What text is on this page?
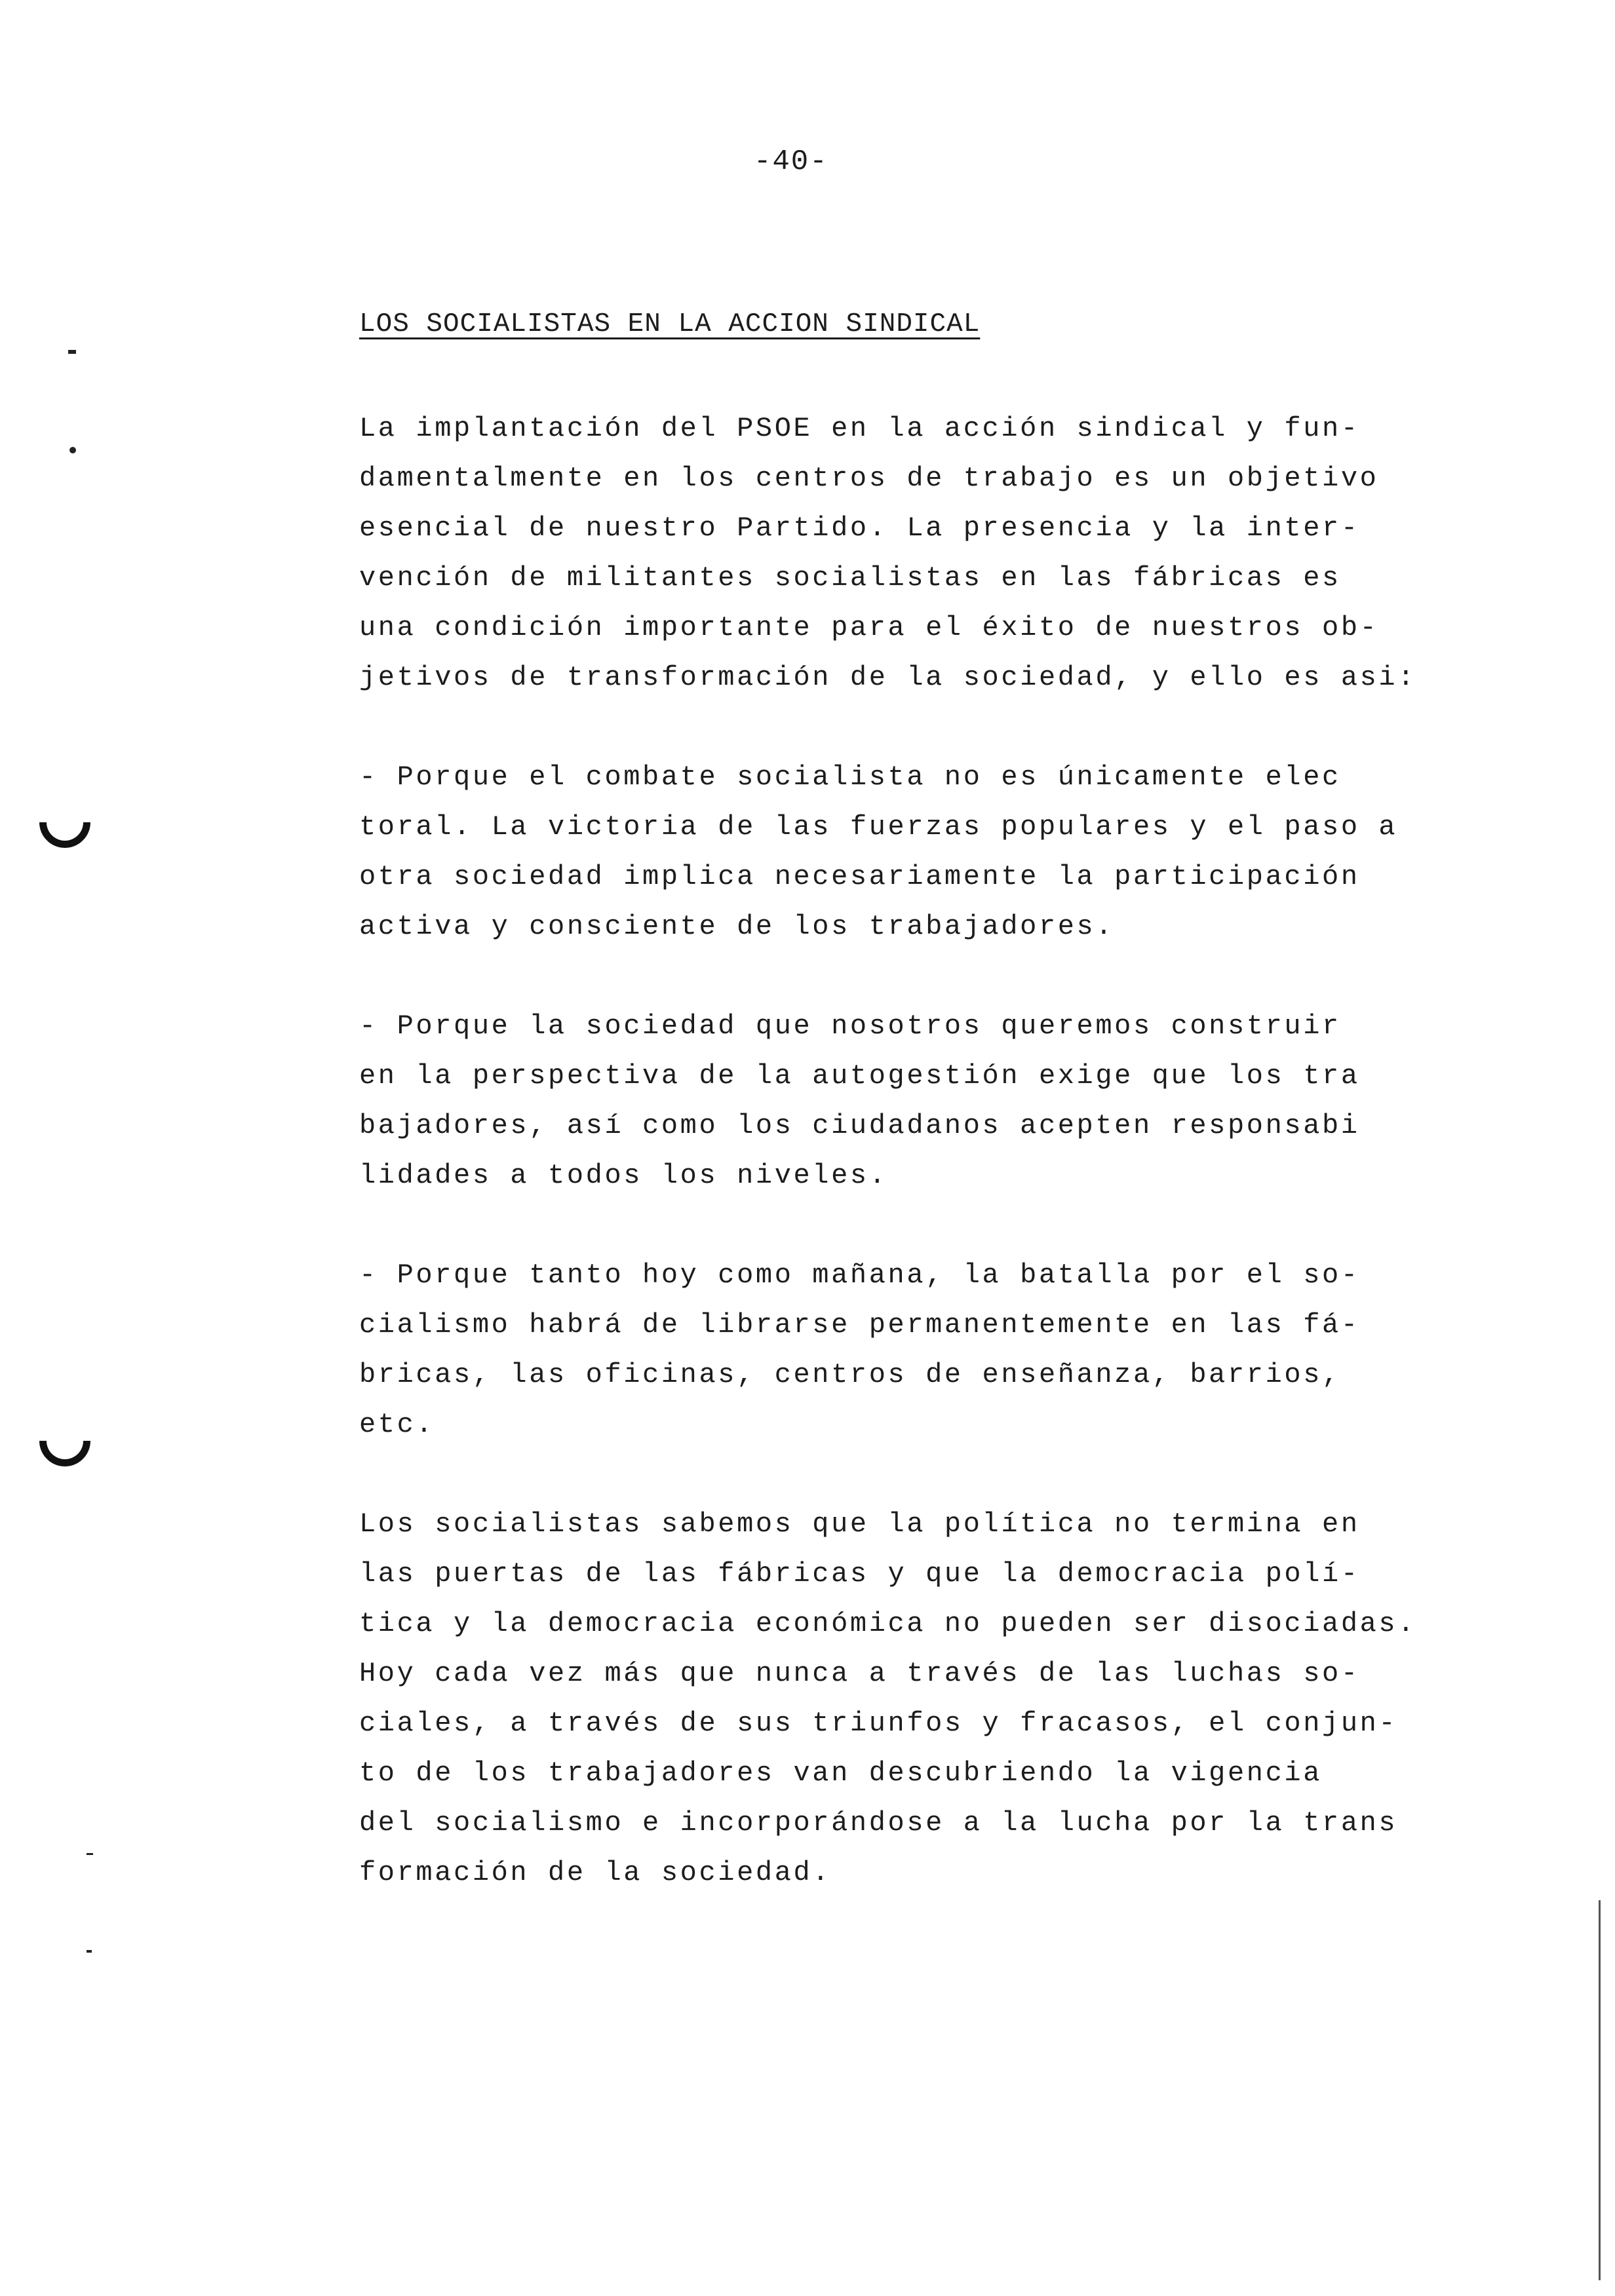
-40-
LOS SOCIALISTAS EN LA ACCION SINDICAL
La implantación del PSOE en la acción sindical y fun-
damentalmente en los centros de trabajo es un objetivo
esencial de nuestro Partido. La presencia y la inter-
vención de militantes socialistas en las fábricas es
una condición importante para el éxito de nuestros ob-
jetivos de transformación de la sociedad, y ello es asi:
- Porque el combate socialista no es únicamente elec
toral. La victoria de las fuerzas populares y el paso a
otra sociedad implica necesariamente la participación
activa y consciente de los trabajadores.
- Porque la sociedad que nosotros queremos construir
en la perspectiva de la autogestión exige que los tra
bajadores, así como los ciudadanos acepten responsabi
lidades a todos los niveles.
- Porque tanto hoy como mañana, la batalla por el so-
cialismo habrá de librarse permanentemente en las fá-
bricas, las oficinas, centros de enseñanza, barrios,
etc.
Los socialistas sabemos que la política no termina en
las puertas de las fábricas y que la democracia polí-
tica y la democracia económica no pueden ser disociadas.
Hoy cada vez más que nunca a través de las luchas so-
ciales, a través de sus triunfos y fracasos, el conjun-
to de los trabajadores van descubriendo la vigencia
del socialismo e incorporándose a la lucha por la trans
formación de la sociedad.
